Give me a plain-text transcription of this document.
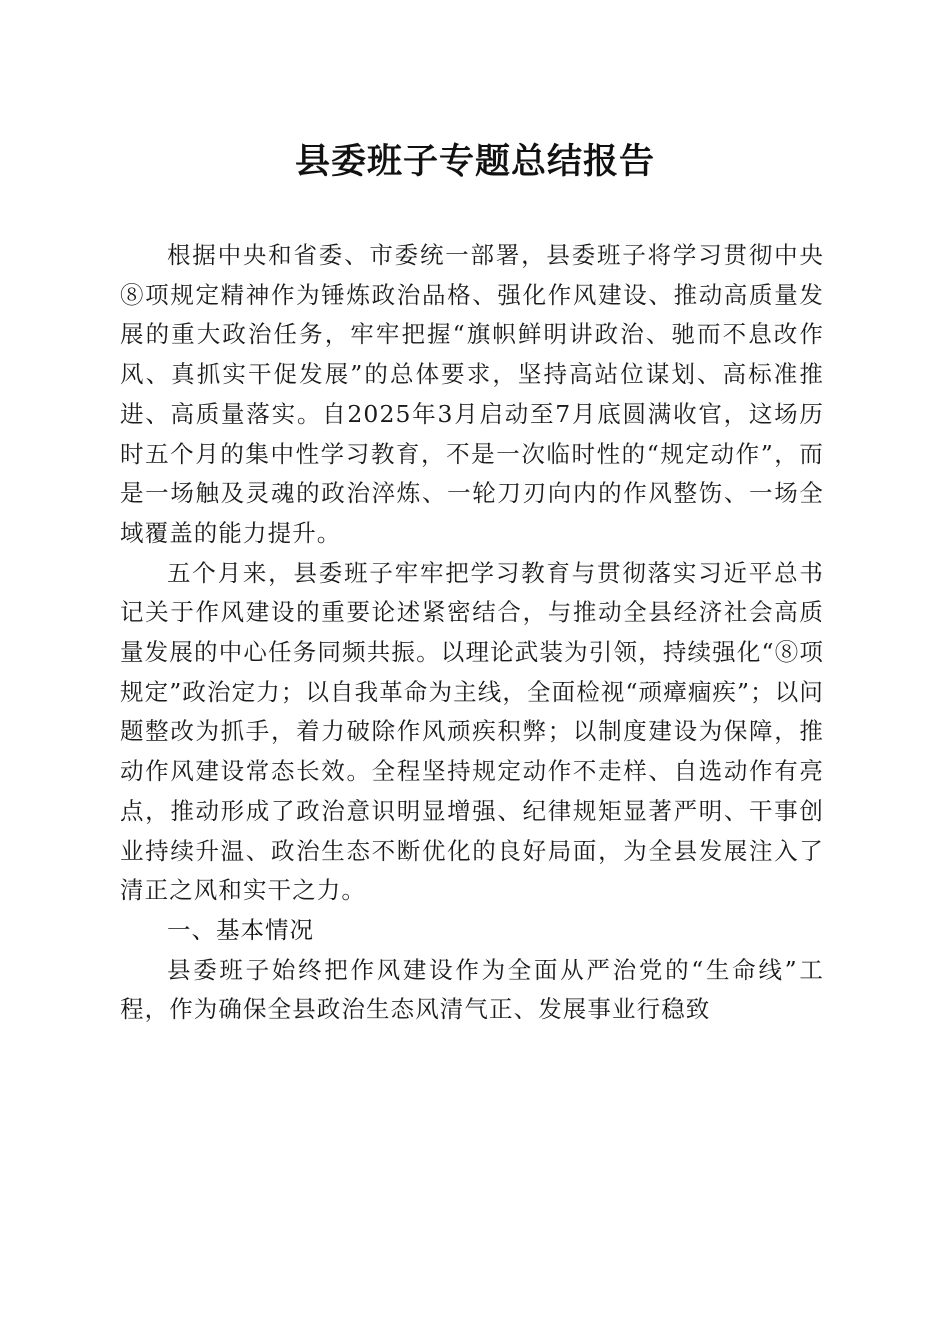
县委班子专题总结报告

根据中央和省委、市委统一部署，县委班子将学习贯彻中央⑧项规定精神作为锤炼政治品格、强化作风建设、推动高质量发展的重大政治任务，牢牢把握“旗帜鲜明讲政治、驰而不息改作风、真抓实干促发展”的总体要求，坚持高站位谋划、高标准推进、高质量落实。自2025年3月启动至7月底圆满收官，这场历时五个月的集中性学习教育，不是一次临时性的“规定动作”，而是一场触及灵魂的政治淬炼、一轮刀刃向内的作风整饬、一场全域覆盖的能力提升。

五个月来，县委班子牢牢把学习教育与贯彻落实习近平总书记关于作风建设的重要论述紧密结合，与推动全县经济社会高质量发展的中心任务同频共振。以理论武装为引领，持续强化“⑧项规定”政治定力；以自我革命为主线，全面检视“顽瘴痼疾”；以问题整改为抓手，着力破除作风顽疾积弊；以制度建设为保障，推动作风建设常态长效。全程坚持规定动作不走样、自选动作有亮点，推动形成了政治意识明显增强、纪律规矩显著严明、干事创业持续升温、政治生态不断优化的良好局面，为全县发展注入了清正之风和实干之力。

一、基本情况

县委班子始终把作风建设作为全面从严治党的“生命线”工程，作为确保全县政治生态风清气正、发展事业行稳致
